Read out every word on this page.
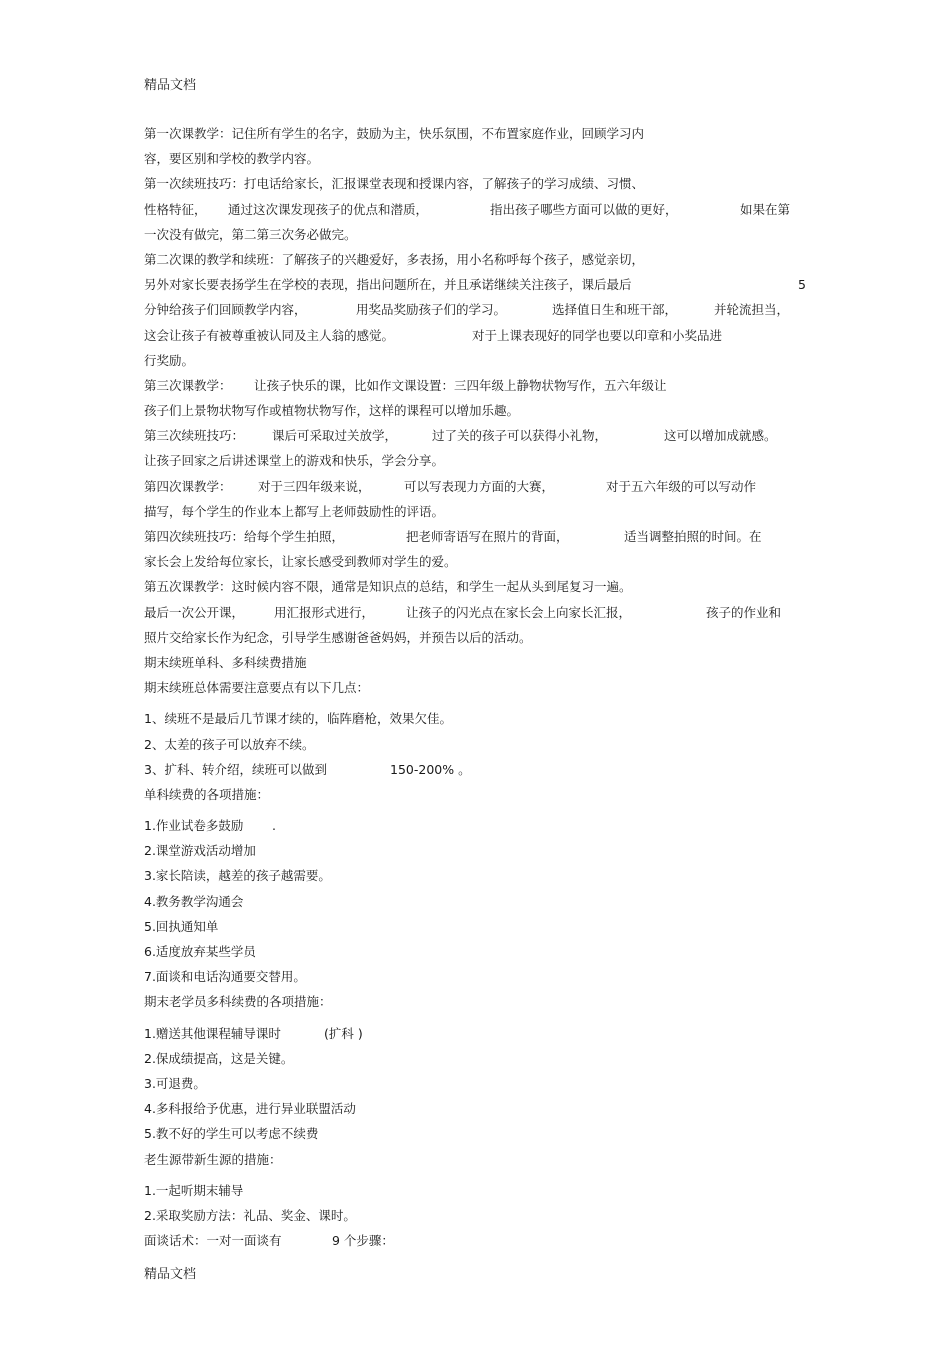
精品文档
第一次课教学：记住所有学生的名字，鼓励为主，快乐氛围，不布置家庭作业，回顾学习内
容，要区别和学校的教学内容。
第一次续班技巧：打电话给家长，汇报课堂表现和授课内容，了解孩子的学习成绩、习惯、
性格特征， 通过这次课发现孩子的优点和潜质，	指出孩子哪些方面可以做的更好，	如果在第
一次没有做完，第二第三次务必做完。
第二次课的教学和续班：了解孩子的兴趣爱好，多表扬，用小名称呼每个孩子，感觉亲切，
另外对家长要表扬学生在学校的表现，指出问题所在，并且承诺继续关注孩子，课后最后	5
分钟给孩子们回顾教学内容，	用奖品奖励孩子们的学习。	选择值日生和班干部，	并轮流担当，
这会让孩子有被尊重被认同及主人翁的感觉。	对于上课表现好的同学也要以印章和小奖品进
行奖励。
第三次课教学： 让孩子快乐的课，比如作文课设置：三四年级上静物状物写作，五六年级让
孩子们上景物状物写作或植物状物写作，这样的课程可以增加乐趣。
第三次续班技巧： 课后可采取过关放学，	过了关的孩子可以获得小礼物，	这可以增加成就感。
让孩子回家之后讲述课堂上的游戏和快乐，学会分享。
第四次课教学： 对于三四年级来说，	可以写表现力方面的大赛，	对于五六年级的可以写动作
描写，每个学生的作业本上都写上老师鼓励性的评语。
第四次续班技巧：给每个学生拍照，	把老师寄语写在照片的背面，	适当调整拍照的时间。在
家长会上发给每位家长，让家长感受到教师对学生的爱。
第五次课教学：这时候内容不限，通常是知识点的总结，和学生一起从头到尾复习一遍。
最后一次公开课， 用汇报形式进行，	让孩子的闪光点在家长会上向家长汇报，	孩子的作业和
照片交给家长作为纪念，引导学生感谢爸爸妈妈，并预告以后的活动。
期末续班单科、多科续费措施
期末续班总体需要注意要点有以下几点：
1、续班不是最后几节课才续的，临阵磨枪，效果欠佳。
2、太差的孩子可以放弃不续。
3、扩科、转介绍，续班可以做到	150-200% 。
单科续费的各项措施：
1.作业试卷多鼓励 .
2.课堂游戏活动增加
3.家长陪读，越差的孩子越需要。
4.教务教学沟通会
5.回执通知单
6.适度放弃某些学员
7.面谈和电话沟通要交替用。
期末老学员多科续费的各项措施：
1.赠送其他课程辅导课时	(扩科 )
2.保成绩提高，这是关键。
3.可退费。
4.多科报给予优惠，进行异业联盟活动
5.教不好的学生可以考虑不续费
老生源带新生源的措施：
1.一起听期末辅导
2.采取奖励方法：礼品、奖金、课时。
面谈话术：一对一面谈有	9 个步骤：
精品文档
